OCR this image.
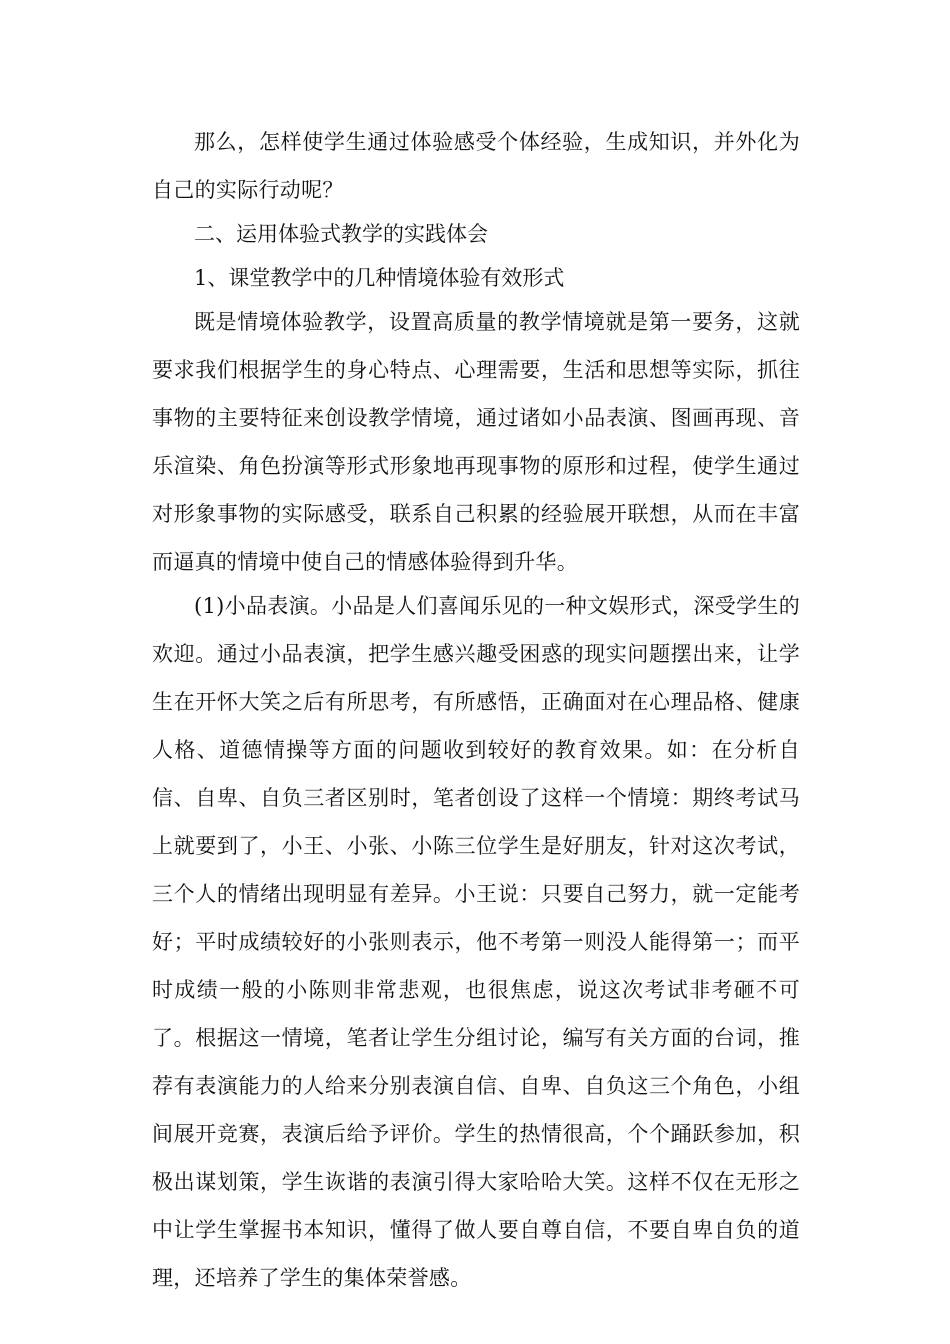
那么，怎样使学生通过体验感受个体经验，生成知识，并外化为自己的实际行动呢？

二、运用体验式教学的实践体会

1、课堂教学中的几种情境体验有效形式

既是情境体验教学，设置高质量的教学情境就是第一要务，这就要求我们根据学生的身心特点、心理需要，生活和思想等实际，抓往事物的主要特征来创设教学情境，通过诸如小品表演、图画再现、音乐渲染、角色扮演等形式形象地再现事物的原形和过程，使学生通过对形象事物的实际感受，联系自己积累的经验展开联想，从而在丰富而逼真的情境中使自己的情感体验得到升华。

(1)小品表演。小品是人们喜闻乐见的一种文娱形式，深受学生的欢迎。通过小品表演，把学生感兴趣受困惑的现实问题摆出来，让学生在开怀大笑之后有所思考，有所感悟，正确面对在心理品格、健康人格、道德情操等方面的问题收到较好的教育效果。如：在分析自信、自卑、自负三者区别时，笔者创设了这样一个情境：期终考试马上就要到了，小王、小张、小陈三位学生是好朋友，针对这次考试，三个人的情绪出现明显有差异。小王说：只要自己努力，就一定能考好；平时成绩较好的小张则表示，他不考第一则没人能得第一；而平时成绩一般的小陈则非常悲观，也很焦虑，说这次考试非考砸不可了。根据这一情境，笔者让学生分组讨论，编写有关方面的台词，推荐有表演能力的人给来分别表演自信、自卑、自负这三个角色，小组间展开竞赛，表演后给予评价。学生的热情很高，个个踊跃参加，积极出谋划策，学生诙谐的表演引得大家哈哈大笑。这样不仅在无形之中让学生掌握书本知识，懂得了做人要自尊自信，不要自卑自负的道理，还培养了学生的集体荣誉感。
